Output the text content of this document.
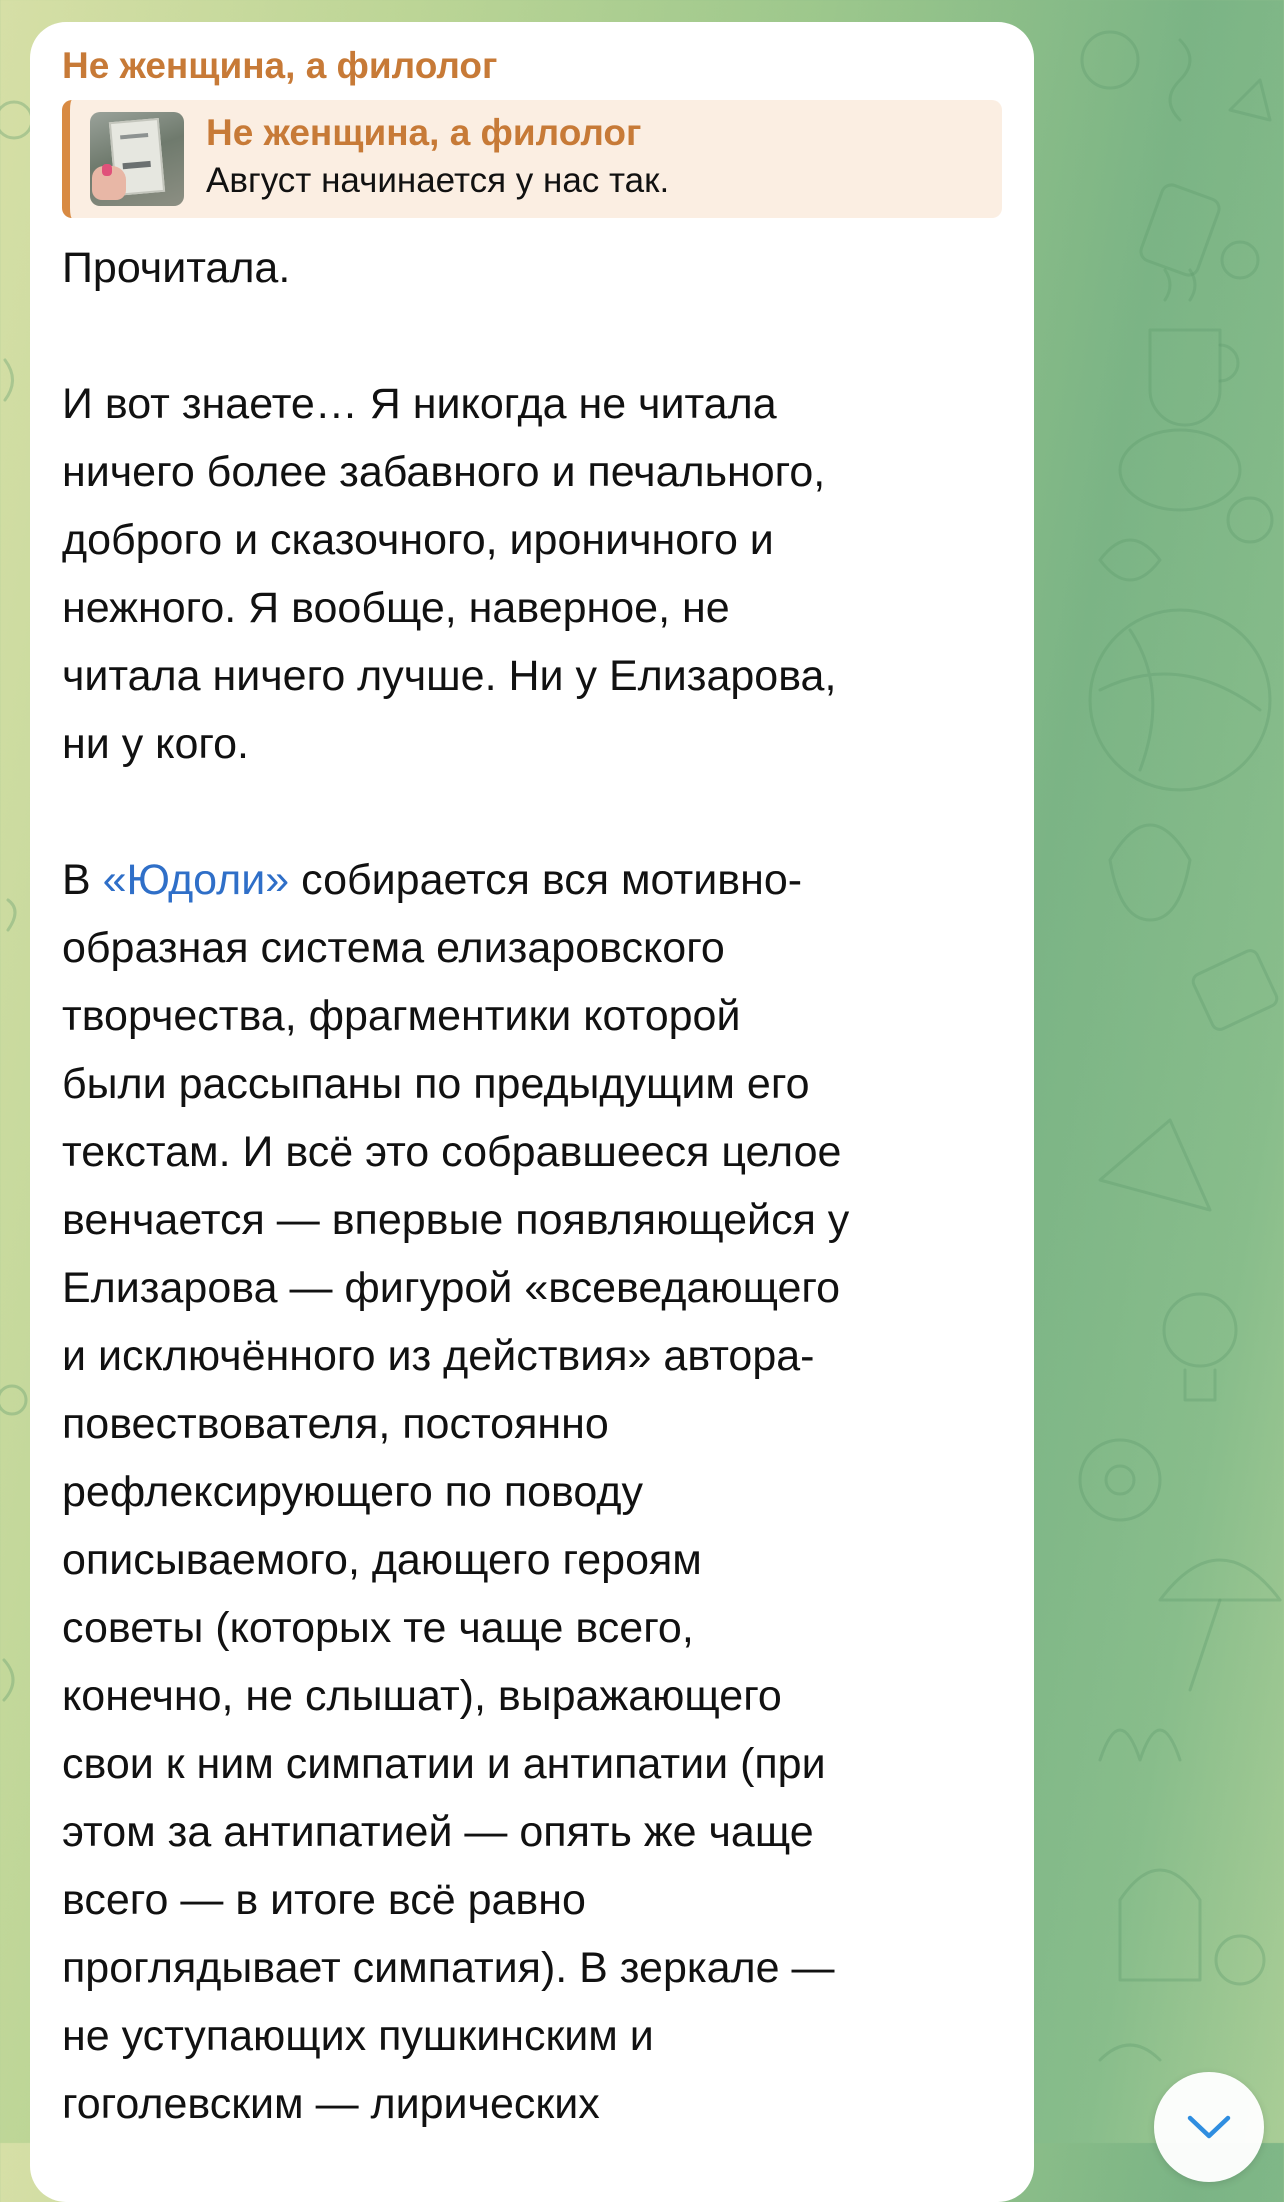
Не женщина, а филолог
Не женщина, а филолог
Август начинается у нас так.
Прочитала.
И вот знаете… Я никогда не читала
ничего более забавного и печального,
доброго и сказочного, ироничного и
нежного. Я вообще, наверное, не
читала ничего лучше. Ни у Елизарова,
ни у кого.
В «Юдоли» собирается вся мотивно-
образная система елизаровского
творчества, фрагментики которой
были рассыпаны по предыдущим его
текстам. И всё это собравшееся целое
венчается — впервые появляющейся у
Елизарова — фигурой «всеведающего
и исключённого из действия» автора-
повествователя, постоянно
рефлексирующего по поводу
описываемого, дающего героям
советы (которых те чаще всего,
конечно, не слышат), выражающего
свои к ним симпатии и антипатии (при
этом за антипатией — опять же чаще
всего — в итоге всё равно
проглядывает симпатия). В зеркале —
не уступающих пушкинским и
гоголевским — лирических
